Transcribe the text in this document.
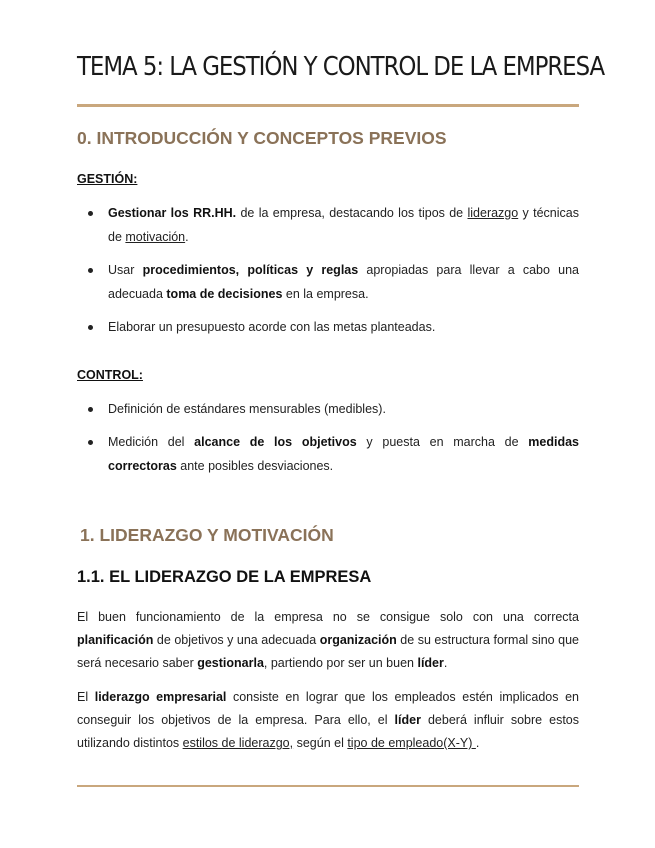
TEMA 5: LA GESTIÓN Y CONTROL DE LA EMPRESA
0. INTRODUCCIÓN Y CONCEPTOS PREVIOS

GESTIÓN:

Gestionar los RR.HH. de la empresa, destacando los tipos de liderazgo y técnicas de motivación.
Usar procedimientos, políticas y reglas apropiadas para llevar a cabo una adecuada toma de decisiones en la empresa.
Elaborar un presupuesto acorde con las metas planteadas.

CONTROL:

Definición de estándares mensurables (medibles).
Medición del alcance de los objetivos y puesta en marcha de medidas correctoras ante posibles desviaciones.
1. LIDERAZGO Y MOTIVACIÓN
1.1. EL LIDERAZGO DE LA EMPRESA

El buen funcionamiento de la empresa no se consigue solo con una correcta planificación de objetivos y una adecuada organización de su estructura formal sino que será necesario saber gestionarla, partiendo por ser un buen líder.

El liderazgo empresarial consiste en lograr que los empleados estén implicados en conseguir los objetivos de la empresa. Para ello, el líder deberá influir sobre estos utilizando distintos estilos de liderazgo, según el tipo de empleado(X-Y) .
